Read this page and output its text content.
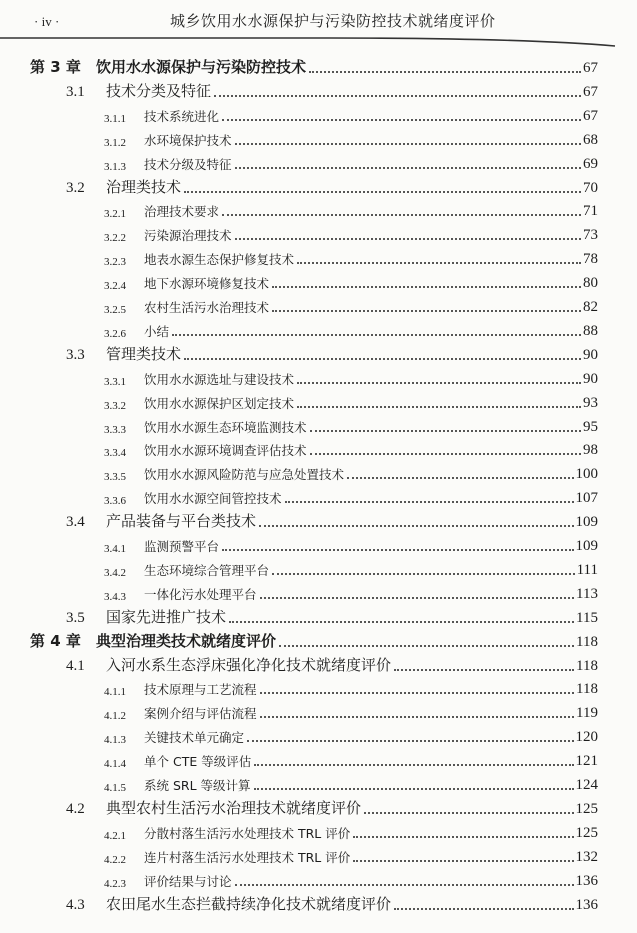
· iv ·	城乡饮用水水源保护与污染防控技术就绪度评价
第 3 章	饮用水水源保护与污染防控技术	67
3.1	技术分类及特征	67
3.1.1	技术系统进化	67
3.1.2	水环境保护技术	68
3.1.3	技术分级及特征	69
3.2	治理类技术	70
3.2.1	治理技术要求	71
3.2.2	污染源治理技术	73
3.2.3	地表水源生态保护修复技术	78
3.2.4	地下水源环境修复技术	80
3.2.5	农村生活污水治理技术	82
3.2.6	小结	88
3.3	管理类技术	90
3.3.1	饮用水水源选址与建设技术	90
3.3.2	饮用水水源保护区划定技术	93
3.3.3	饮用水水源生态环境监测技术	95
3.3.4	饮用水水源环境调查评估技术	98
3.3.5	饮用水水源风险防范与应急处置技术	100
3.3.6	饮用水水源空间管控技术	107
3.4	产品装备与平台类技术	109
3.4.1	监测预警平台	109
3.4.2	生态环境综合管理平台	111
3.4.3	一体化污水处理平台	113
3.5	国家先进推广技术	115
第 4 章	典型治理类技术就绪度评价	118
4.1	入河水系生态浮床强化净化技术就绪度评价	118
4.1.1	技术原理与工艺流程	118
4.1.2	案例介绍与评估流程	119
4.1.3	关键技术单元确定	120
4.1.4	单个 CTE 等级评估	121
4.1.5	系统 SRL 等级计算	124
4.2	典型农村生活污水治理技术就绪度评价	125
4.2.1	分散村落生活污水处理技术 TRL 评价	125
4.2.2	连片村落生活污水处理技术 TRL 评价	132
4.2.3	评价结果与讨论	136
4.3	农田尾水生态拦截持续净化技术就绪度评价	136
